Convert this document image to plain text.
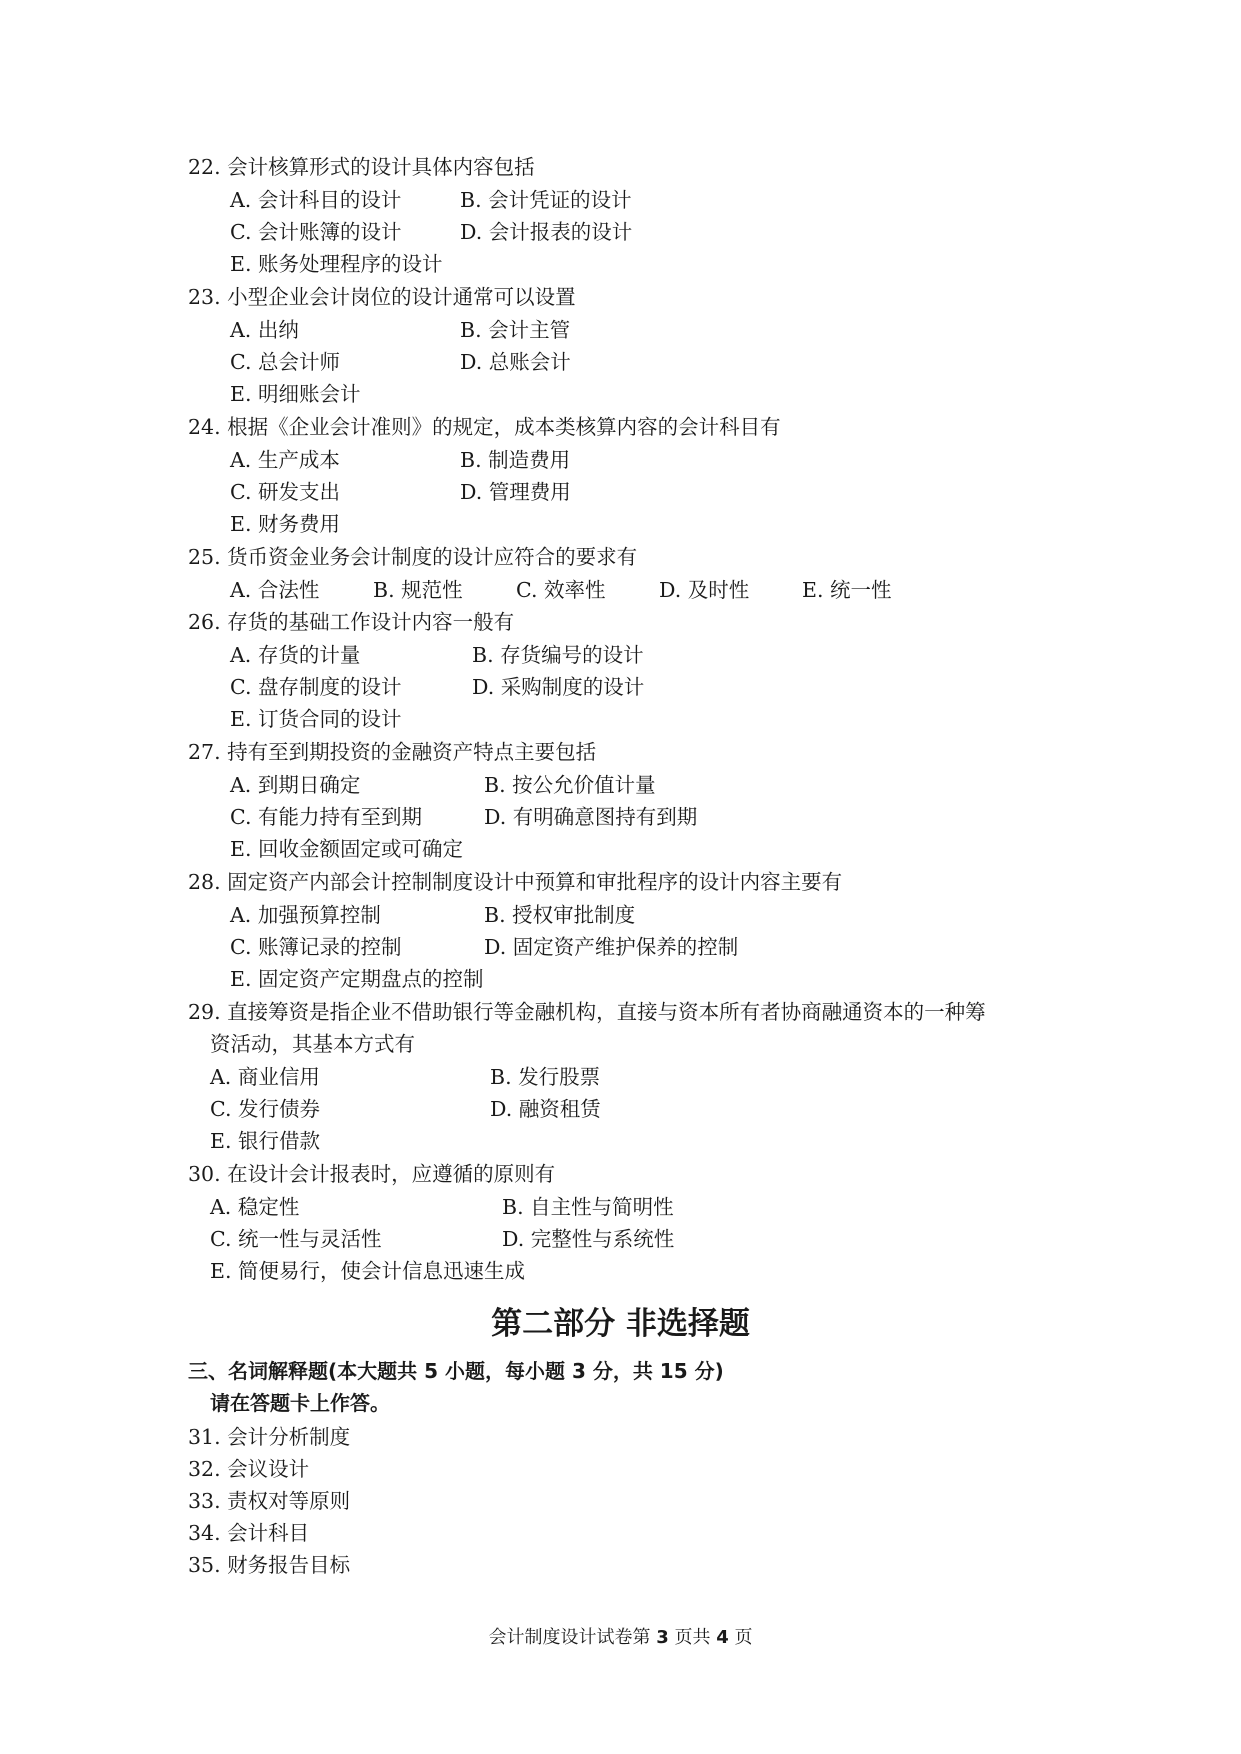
22. 会计核算形式的设计具体内容包括
A. 会计科目的设计	B. 会计凭证的设计
C. 会计账簿的设计	D. 会计报表的设计
E. 账务处理程序的设计
23. 小型企业会计岗位的设计通常可以设置
A. 出纳	B. 会计主管
C. 总会计师	D. 总账会计
E. 明细账会计
24. 根据《企业会计准则》的规定，成本类核算内容的会计科目有
A. 生产成本	B. 制造费用
C. 研发支出	D. 管理费用
E. 财务费用
25. 货币资金业务会计制度的设计应符合的要求有
A. 合法性	B. 规范性	C. 效率性	D. 及时性	E. 统一性
26. 存货的基础工作设计内容一般有
A. 存货的计量	B. 存货编号的设计
C. 盘存制度的设计	D. 采购制度的设计
E. 订货合同的设计
27. 持有至到期投资的金融资产特点主要包括
A. 到期日确定	B. 按公允价值计量
C. 有能力持有至到期	D. 有明确意图持有到期
E. 回收金额固定或可确定
28. 固定资产内部会计控制制度设计中预算和审批程序的设计内容主要有
A. 加强预算控制	B. 授权审批制度
C. 账簿记录的控制	D. 固定资产维护保养的控制
E. 固定资产定期盘点的控制
29. 直接筹资是指企业不借助银行等金融机构，直接与资本所有者协商融通资本的一种筹
资活动，其基本方式有
A. 商业信用	B. 发行股票
C. 发行债券	D. 融资租赁
E. 银行借款
30. 在设计会计报表时，应遵循的原则有
A. 稳定性	B. 自主性与简明性
C. 统一性与灵活性	D. 完整性与系统性
E. 简便易行，使会计信息迅速生成
第二部分 非选择题
三、名词解释题(本大题共 5 小题，每小题 3 分，共 15 分)
请在答题卡上作答。
31. 会计分析制度
32. 会议设计
33. 责权对等原则
34. 会计科目
35. 财务报告目标
会计制度设计试卷第 3 页共 4 页
